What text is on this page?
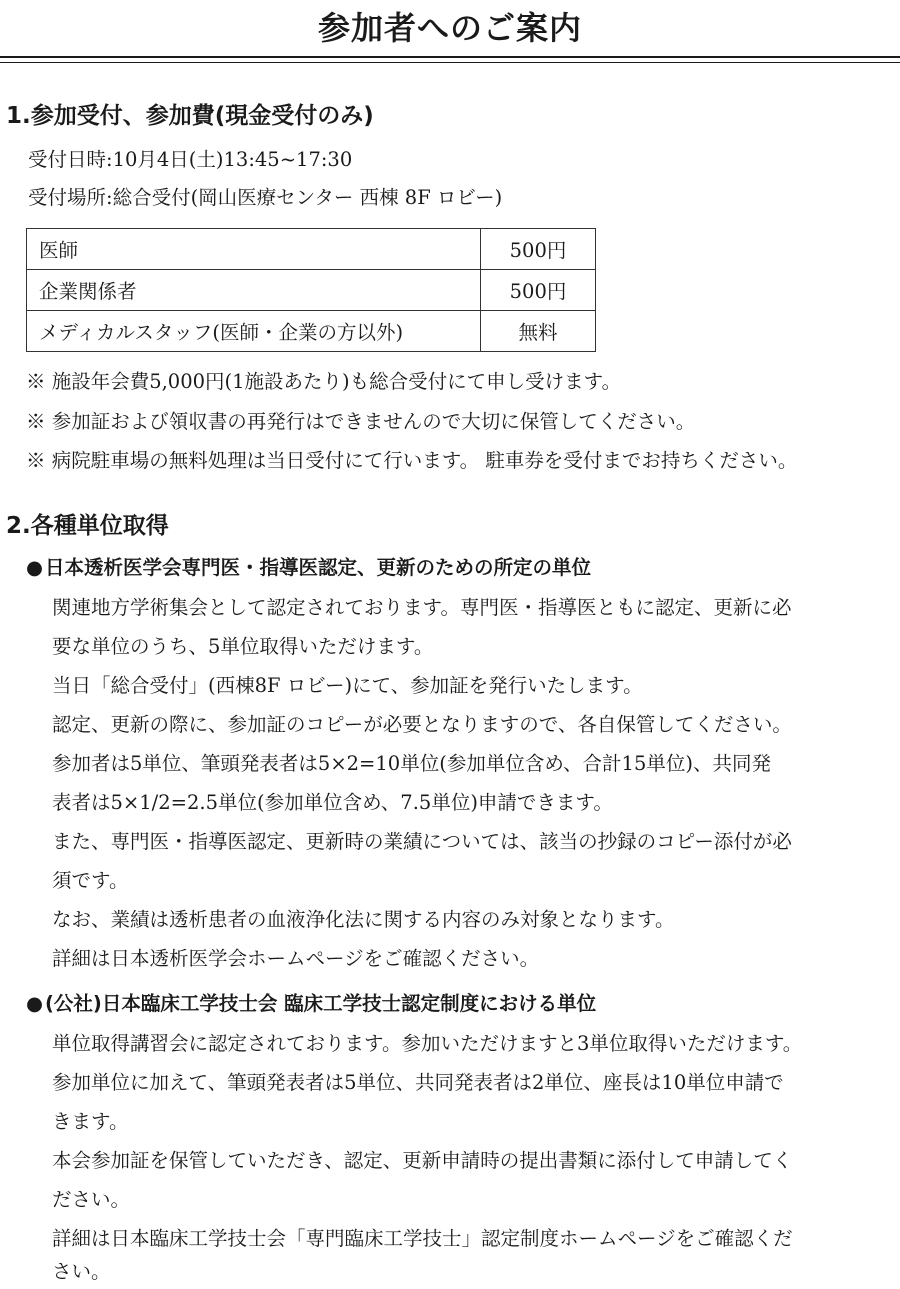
参加者へのご案内
1.参加受付、参加費(現金受付のみ)
受付日時:10月4日(土)13:45~17:30
受付場所:総合受付(岡山医療センター 西棟 8F ロビー)
医師	500円
企業関係者	500円
メディカルスタッフ(医師・企業の方以外)	無料
※ 施設年会費5,000円(1施設あたり)も総合受付にて申し受けます。
※ 参加証および領収書の再発行はできませんので大切に保管してください。
※ 病院駐車場の無料処理は当日受付にて行います。 駐車券を受付までお持ちください。
2.各種単位取得
● 日本透析医学会専門医・指導医認定、更新のための所定の単位
関連地方学術集会として認定されております。専門医・指導医ともに認定、更新に必
要な単位のうち、5単位取得いただけます。
当日「総合受付」(西棟8F ロビー)にて、参加証を発行いたします。
認定、更新の際に、参加証のコピーが必要となりますので、各自保管してください。
参加者は5単位、筆頭発表者は5×2=10単位(参加単位含め、合計15単位)、共同発
表者は5×1/2=2.5単位(参加単位含め、7.5単位)申請できます。
また、専門医・指導医認定、更新時の業績については、該当の抄録のコピー添付が必
須です。
なお、業績は透析患者の血液浄化法に関する内容のみ対象となります。
詳細は日本透析医学会ホームページをご確認ください。
● (公社)日本臨床工学技士会 臨床工学技士認定制度における単位
単位取得講習会に認定されております。参加いただけますと3単位取得いただけます。
参加単位に加えて、筆頭発表者は5単位、共同発表者は2単位、座長は10単位申請で
きます。
本会参加証を保管していただき、認定、更新申請時の提出書類に添付して申請してく
ださい。
詳細は日本臨床工学技士会「専門臨床工学技士」認定制度ホームページをご確認くだ
さい。
